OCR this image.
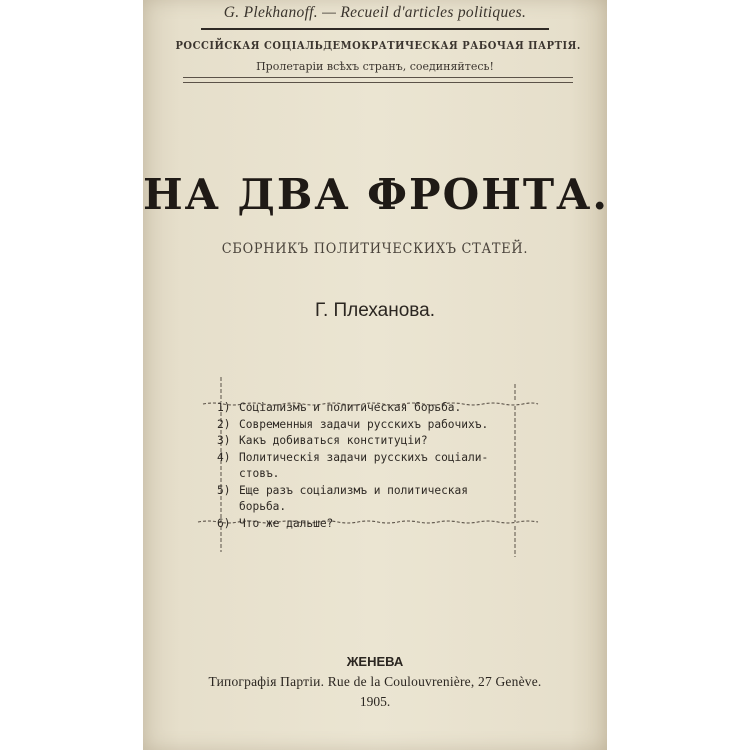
G. Plekhanoff. — Recueil d'articles politiques.
РОССІЙСКАЯ СОЦІАЛЬДЕМОКРАТИЧЕСКАЯ РАБОЧАЯ ПАРТІЯ.
Пролетаріи всѣхъ странъ, соединяйтесь!
НА ДВА ФРОНТА.
СБОРНИКЪ ПОЛИТИЧЕСКИХЪ СТАТЕЙ.
Г. Плеханова.
1) Соціализмъ и политическая борьба.
2) Современныя задачи русскихъ рабочихъ.
3) Какъ добиваться конституціи?
4) Политическія задачи русскихъ соціали-
стовъ.
5) Еще разъ соціализмъ и политическая
борьба.
6) Что же дальше?
ЖЕНЕВА
Типографія Партіи. Rue de la Coulouvrenière, 27 Genève.
1905.
